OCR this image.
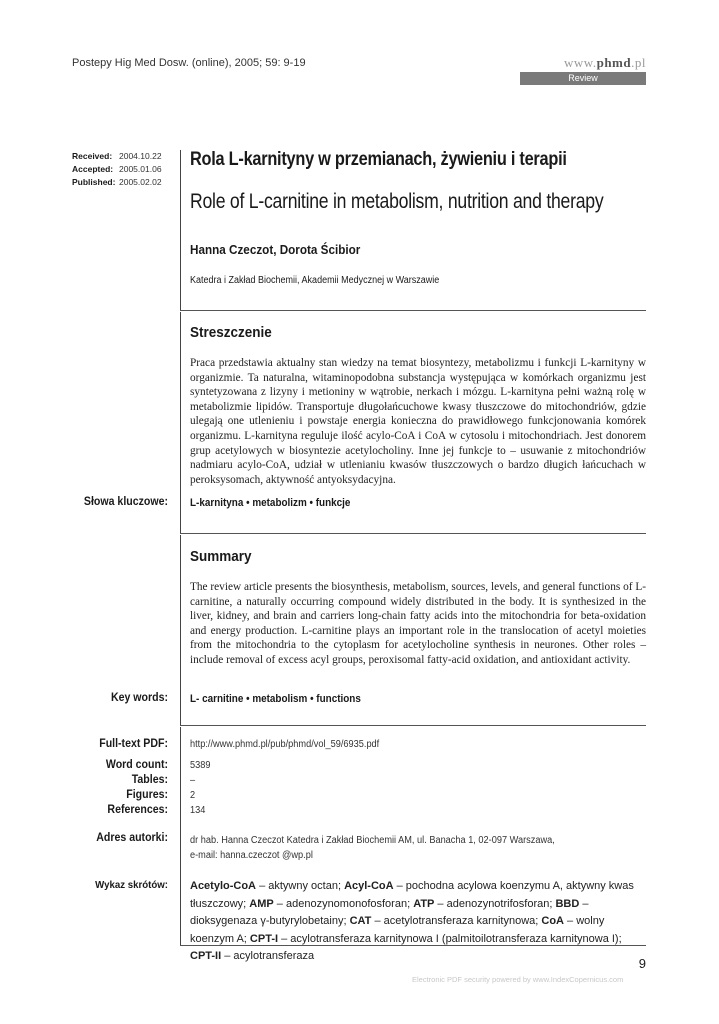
Postepy Hig Med Dosw. (online), 2005; 59: 9-19	www.phmd.pl
Review
Received: 2004.10.22
Accepted: 2005.01.06
Published: 2005.02.02
Rola L-karnityny w przemianach, żywieniu i terapii
Role of L-carnitine in metabolism, nutrition and therapy
Hanna Czeczot, Dorota Ścibior
Katedra i Zakład Biochemii, Akademii Medycznej w Warszawie
Streszczenie
Praca przedstawia aktualny stan wiedzy na temat biosyntezy, metabolizmu i funkcji L-karnityny w organizmie. Ta naturalna, witaminopodobna substancja występująca w komórkach organizmu jest syntetyzowana z lizyny i metioniny w wątrobie, nerkach i mózgu. L-karnityna pełni ważną rolę w metabolizmie lipidów. Transportuje długołańcuchowe kwasy tłuszczowe do mitochondriów, gdzie ulegają one utlenieniu i powstaje energia konieczna do prawidłowego funkcjonowania komórek organizmu. L-karnityna reguluje ilość acylo-CoA i CoA w cytosolu i mitochondriach. Jest donorem grup acetylowych w biosyntezie acetylocholiny. Inne jej funkcje to – usuwanie z mitochondriów nadmiaru acylo-CoA, udział w utlenianiu kwasów tłuszczowych o bardzo długich łańcuchach w peroksysomach, aktywność antyoksydacyjna.
Słowa kluczowe: L-karnityna • metabolizm • funkcje
Summary
The review article presents the biosynthesis, metabolism, sources, levels, and general functions of L-carnitine, a naturally occurring compound widely distributed in the body. It is synthesized in the liver, kidney, and brain and carriers long-chain fatty acids into the mitochondria for beta-oxidation and energy production. L-carnitine plays an important role in the translocation of acetyl moieties from the mitochondria to the cytoplasm for acetylocholine synthesis in neurones. Other roles – include removal of excess acyl groups, peroxisomal fatty-acid oxidation, and antioxidant activity.
Key words: L- carnitine • metabolism • functions
Full-text PDF: http://www.phmd.pl/pub/phmd/vol_59/6935.pdf
Word count:
Tables:
Figures:
References:
5389
–
2
134
Adres autorki: dr hab. Hanna Czeczot Katedra i Zakład Biochemii AM, ul. Banacha 1, 02-097 Warszawa,
e-mail: hanna.czeczot @wp.pl
Wykaz skrótów: Acetylo-CoA – aktywny octan; Acyl-CoA – pochodna acylowa koenzymu A, aktywny kwas tłuszczowy; AMP – adenozynomonofosforan; ATP – adenozynotrifosforan; BBD – dioksygenaza γ-butyrylobetainy; CAT – acetylotransferaza karnitynowa; CoA – wolny koenzym A; CPT-I – acylotransferaza karnitynowa I (palmitoilotransferaza karnitynowa I); CPT-II – acylotransferaza	9
Electronic PDF security powered by www.IndexCopernicus.com
